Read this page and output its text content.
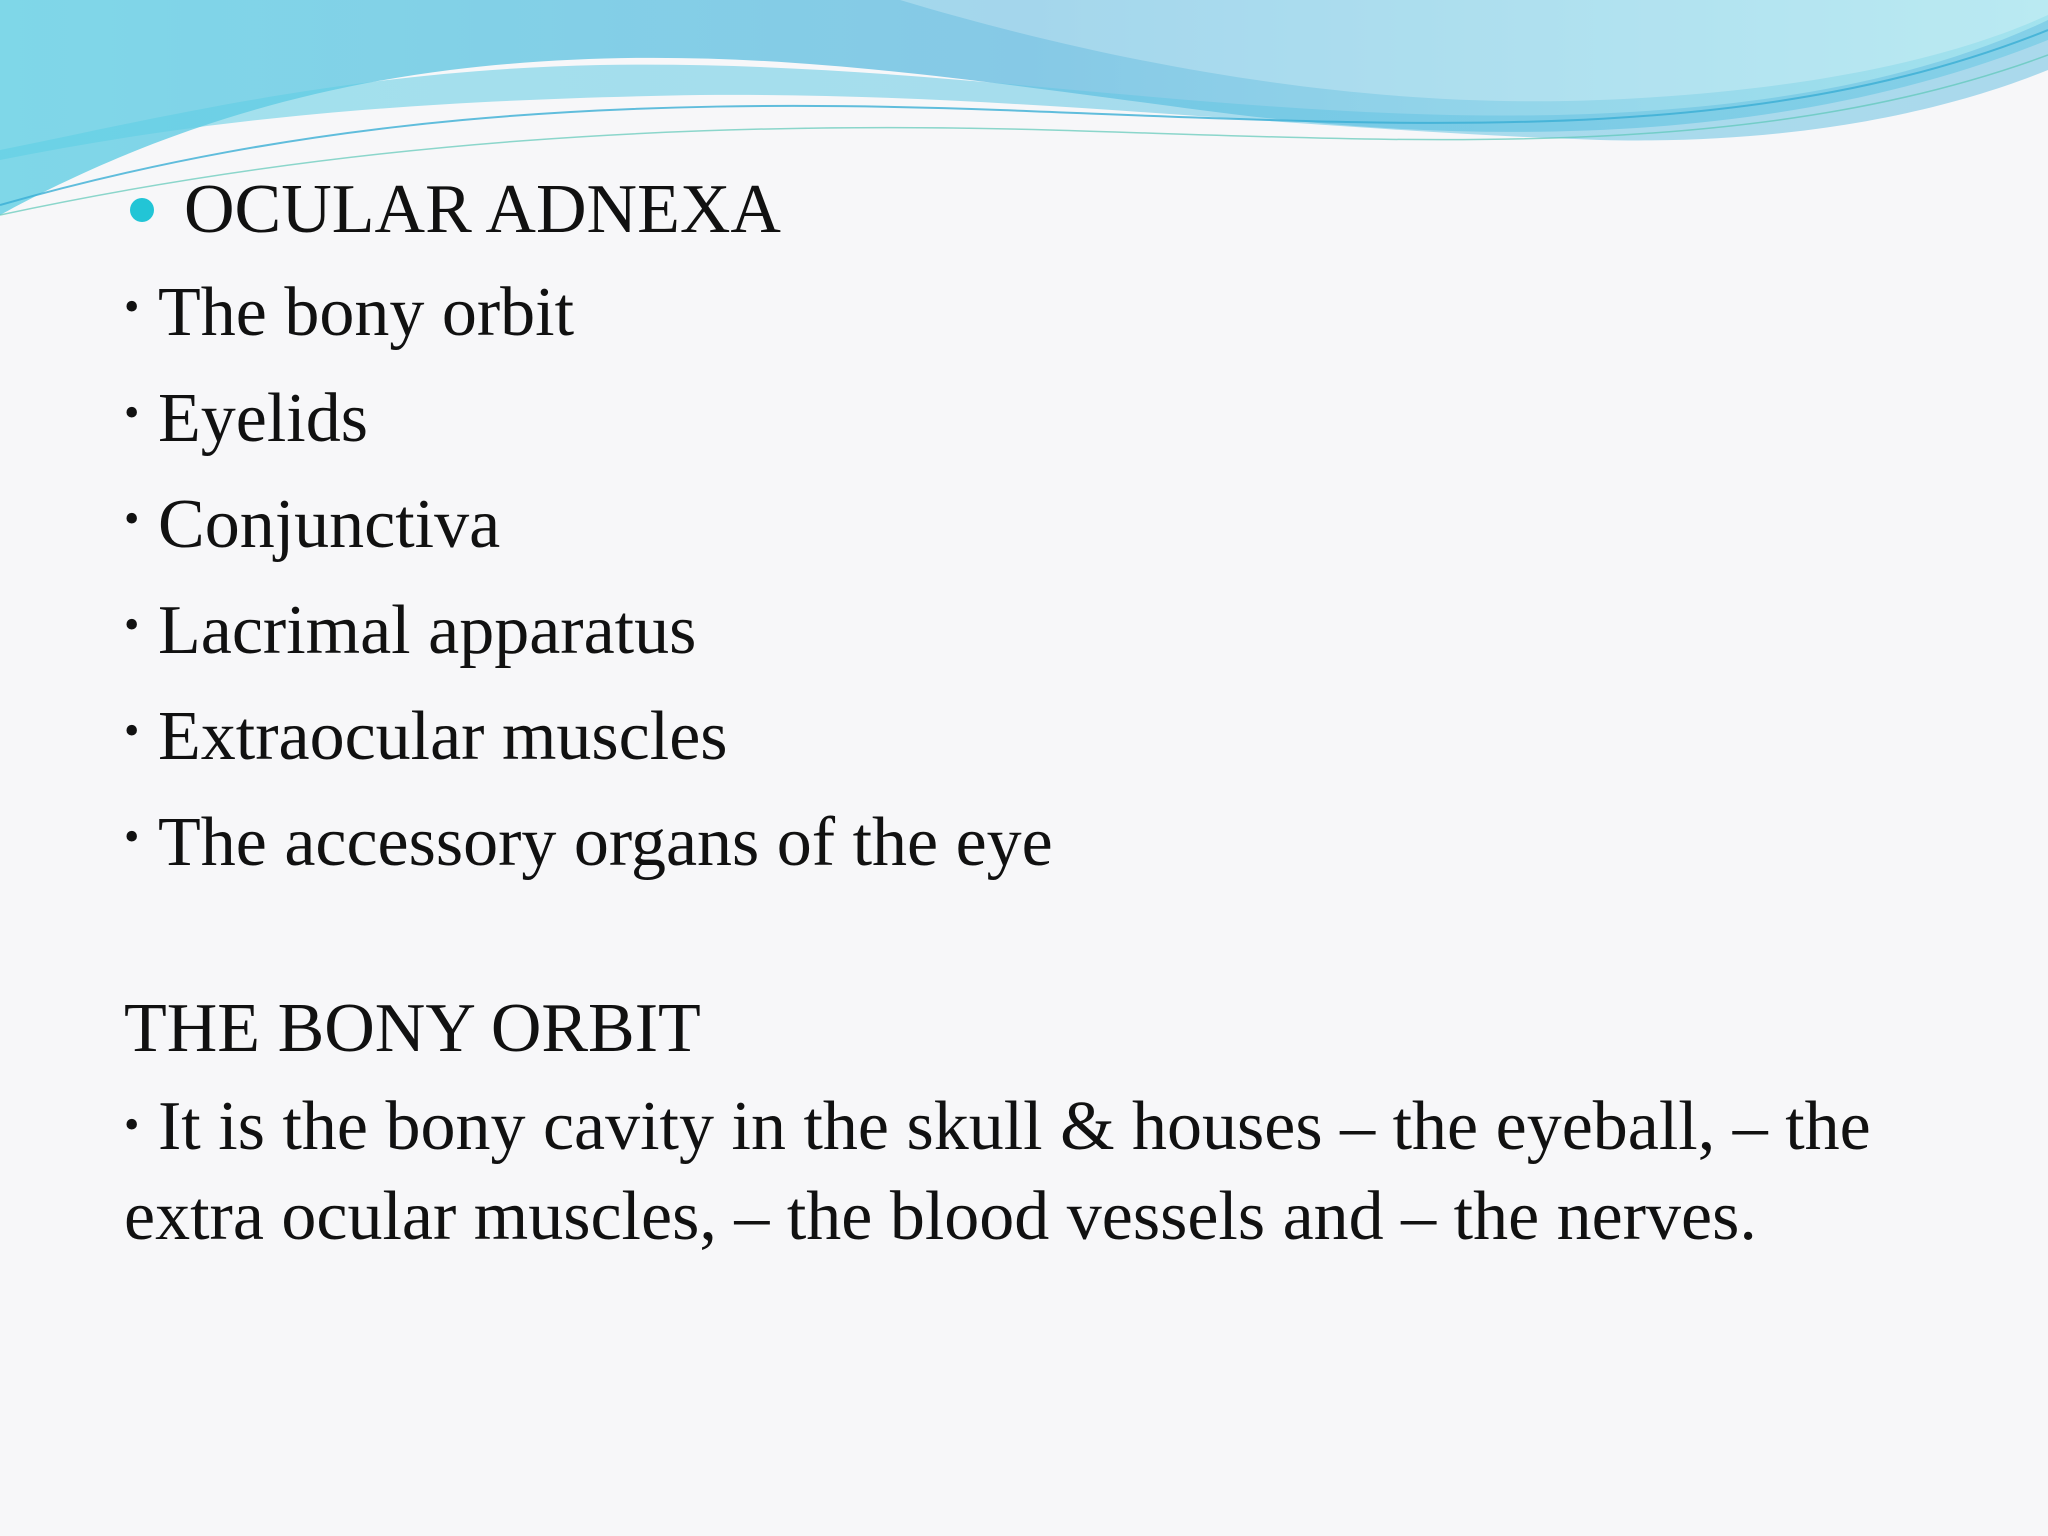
OCULAR ADNEXA
• The bony orbit
• Eyelids
• Conjunctiva
• Lacrimal apparatus
• Extraocular muscles
• The accessory organs of the eye
THE BONY ORBIT
• It is the bony cavity in the skull & houses – the eyeball, – the extra ocular muscles, – the blood vessels and – the nerves.
